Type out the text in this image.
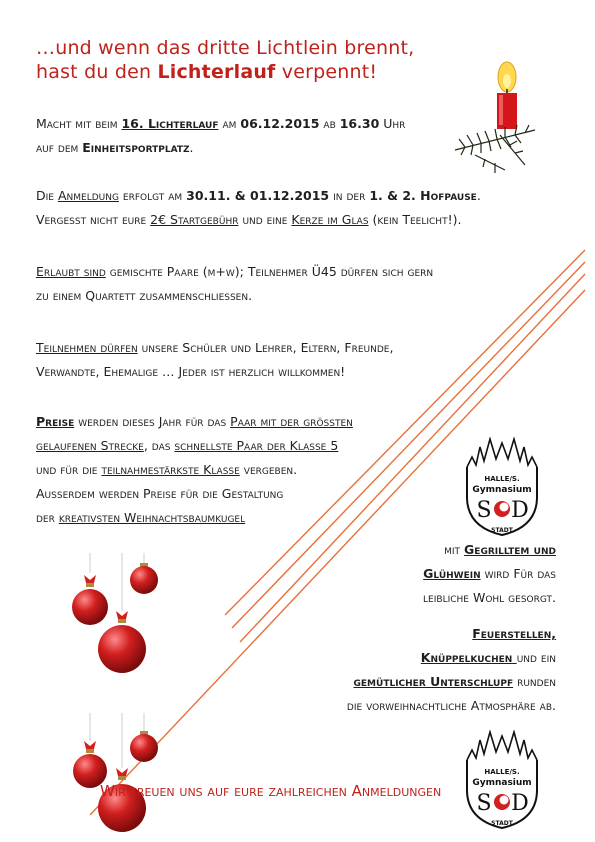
…und wenn das dritte Lichtlein brennt,
hast du den Lichterlauf verpennt!
Macht mit beim 16. Lichterlauf am 06.12.2015 ab 16.30 Uhr
auf dem Einheitsportplatz.
Die Anmeldung erfolgt am 30.11. & 01.12.2015 in der 1. & 2. Hofpause.
Vergesst nicht eure 2€ Startgebühr und eine Kerze im Glas (kein Teelicht!).
Erlaubt sind gemischte Paare (m+w); Teilnehmer Ü45 dürfen sich gern
zu einem Quartett zusammenschließen.
Teilnehmen dürfen unsere Schüler und Lehrer, Eltern, Freunde,
Verwandte, Ehemalige … Jeder ist herzlich willkommen!
Preise werden dieses Jahr für das Paar mit der größten
gelaufenen Strecke, das schnellste Paar der Klasse 5
und für die teilnahmestärkste Klasse vergeben.
Außerdem werden Preise für die Gestaltung
der kreativsten Weihnachtsbaumkugel
HALLE/S.
Gymnasium
S D
STADT
mit Gegrilltem und
Glühwein wird Für das
leibliche Wohl gesorgt.
Feuerstellen,
Knüppelkuchen und ein
gemütlicher Unterschlupf runden
die vorweihnachtliche Atmosphäre ab.
HALLE/S.
Gymnasium
S D
STADT
Wir freuen uns auf eure zahlreichen Anmeldungen
